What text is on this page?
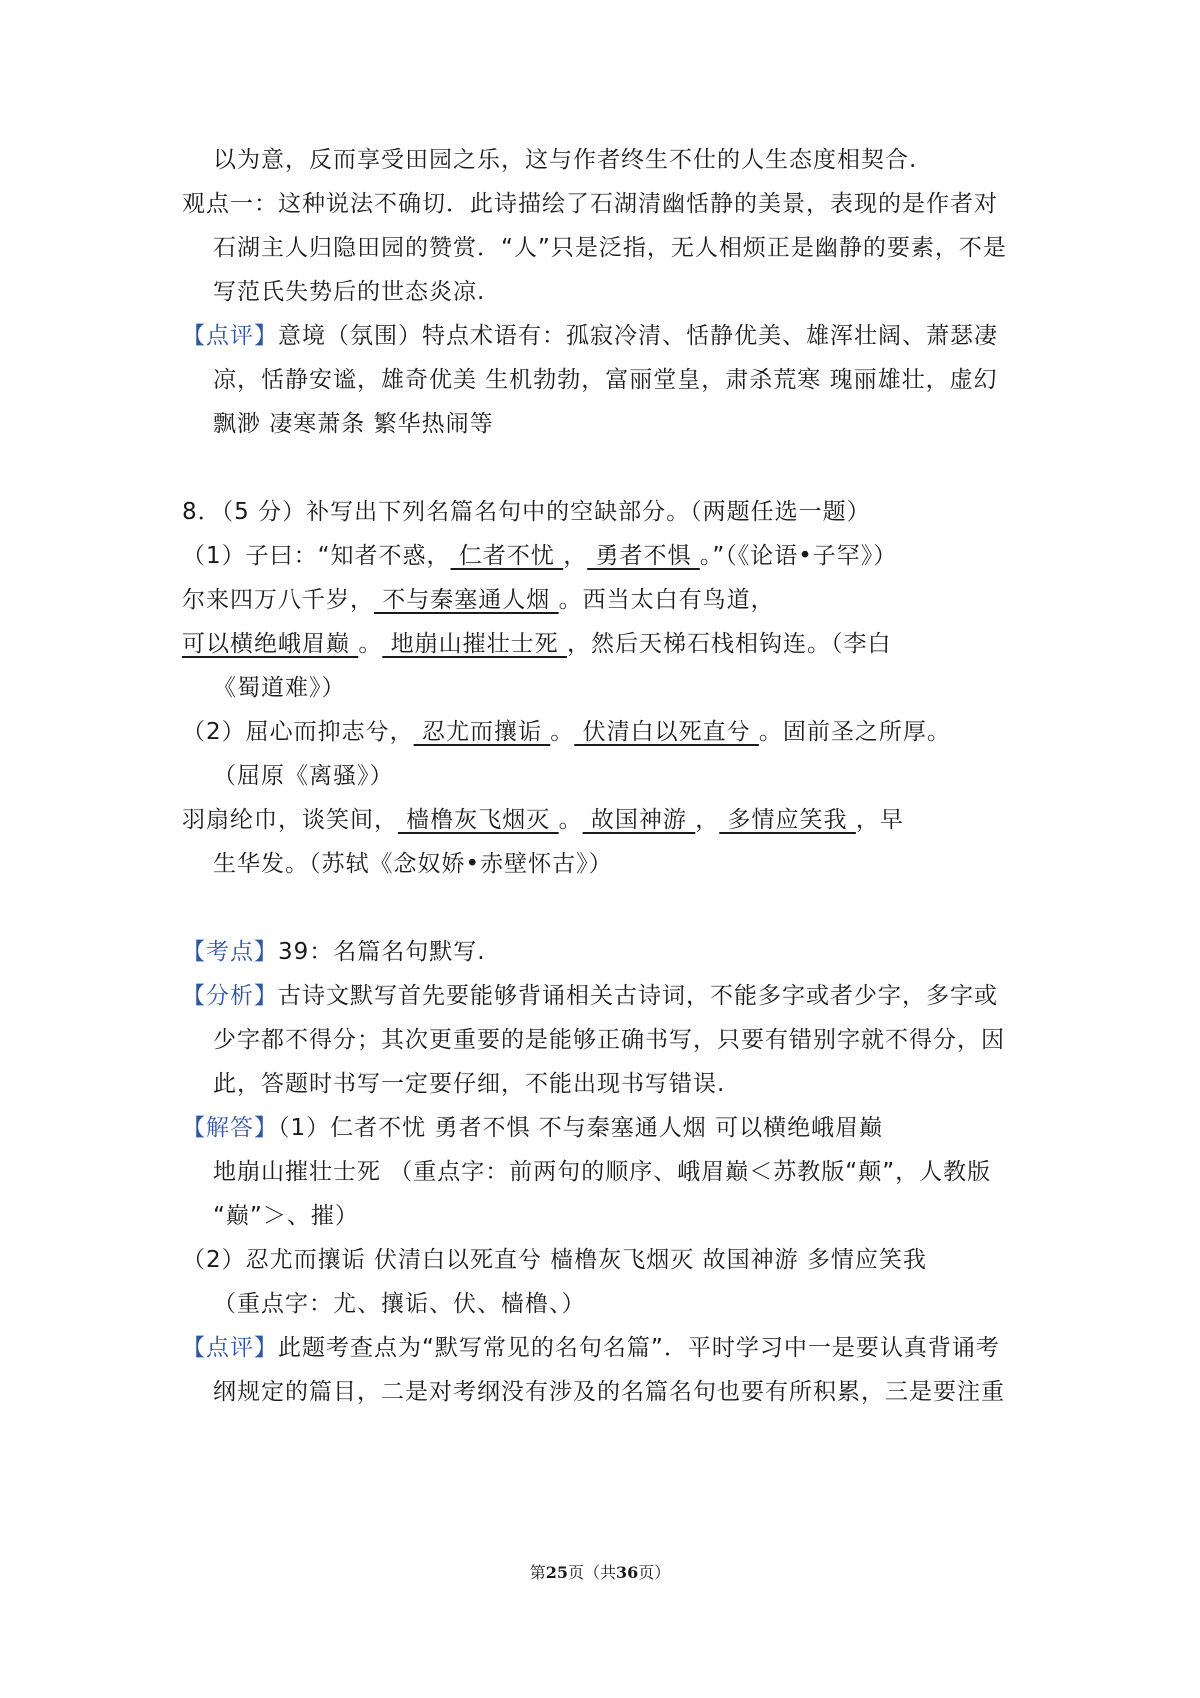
以为意，反而享受田园之乐，这与作者终生不仕的人生态度相契合.
观点一：这种说法不确切．此诗描绘了石湖清幽恬静的美景，表现的是作者对
石湖主人归隐田园的赞赏．“人”只是泛指，无人相烦正是幽静的要素，不是
写范氏失势后的世态炎凉.
【点评】意境（氛围）特点术语有：孤寂冷清、恬静优美、雄浑壮阔、萧瑟凄
凉，恬静安谧，雄奇优美 生机勃勃，富丽堂皇，肃杀荒寒 瑰丽雄壮，虚幻
飘渺 凄寒萧条 繁华热闹等
8．（5 分）补写出下列名篇名句中的空缺部分。（两题任选一题）
（1）子曰：“知者不惑， 仁者不忧 ， 勇者不惧 。”（《论语•子罕》）
尔来四万八千岁， 不与秦塞通人烟 。西当太白有鸟道，
可以横绝峨眉巅 。 地崩山摧壮士死 ，然后天梯石栈相钩连。（李白
《蜀道难》）
（2）屈心而抑志兮， 忍尤而攘诟 。 伏清白以死直兮 。固前圣之所厚。
（屈原《离骚》）
羽扇纶巾，谈笑间， 樯橹灰飞烟灭 。 故国神游 ， 多情应笑我 ，早
生华发。（苏轼《念奴娇•赤壁怀古》）
【考点】39：名篇名句默写.
【分析】古诗文默写首先要能够背诵相关古诗词，不能多字或者少字，多字或
少字都不得分；其次更重要的是能够正确书写，只要有错别字就不得分，因
此，答题时书写一定要仔细，不能出现书写错误.
【解答】（1）仁者不忧 勇者不惧 不与秦塞通人烟 可以横绝峨眉巅
地崩山摧壮士死 （重点字：前两句的顺序、峨眉巅＜苏教版“颠”，人教版
“巅”＞、摧）
（2）忍尤而攘诟 伏清白以死直兮 樯橹灰飞烟灭 故国神游 多情应笑我
（重点字：尤、攘诟、伏、樯橹、）
【点评】此题考查点为“默写常见的名句名篇”．平时学习中一是要认真背诵考
纲规定的篇目，二是对考纲没有涉及的名篇名句也要有所积累，三是要注重
第25页（共36页）
